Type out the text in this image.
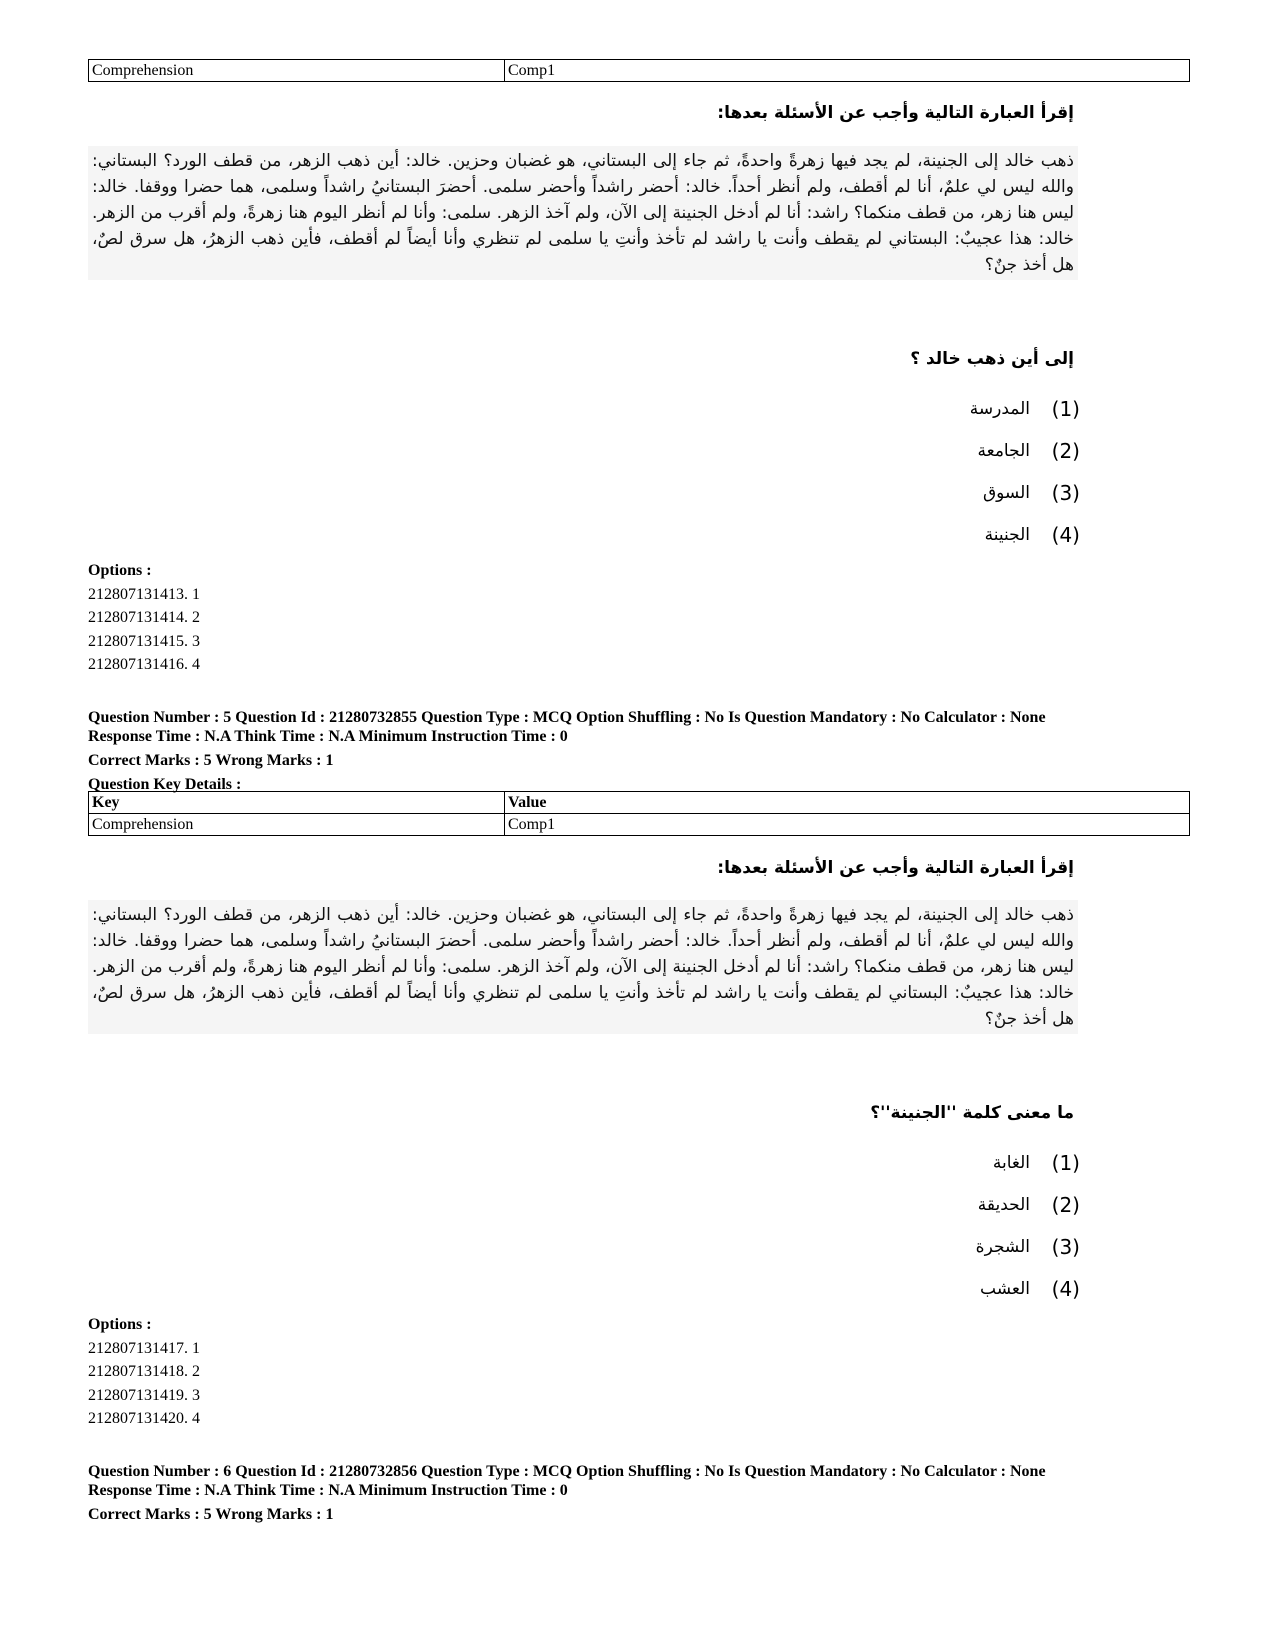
Comprehension	Comp1
إقرأ العبارة التالية وأجب عن الأسئلة بعدها:
ذهب خالد إلى الجنينة، لم يجد فيها زهرةً واحدةً، ثم جاء إلى البستاني، هو غضبان وحزين. خالد: أين ذهب الزهر، من قطف الورد؟ البستاني: والله ليس لي علمٌ، أنا لم أقطف، ولم أنظر أحداً. خالد: أحضر راشداً وأحضر سلمى. أحضرَ البستانيُ راشداً وسلمى، هما حضرا ووقفا. خالد: ليس هنا زهر، من قطف منكما؟ راشد: أنا لم أدخل الجنينة إلى الآن، ولم آخذ الزهر. سلمى: وأنا لم أنظر اليوم هنا زهرةً، ولم أقرب من الزهر. خالد: هذا عجيبٌ: البستاني لم يقطف وأنت يا راشد لم تأخذ وأنتِ يا سلمى لم تنظري وأنا أيضاً لم أقطف، فأين ذهب الزهرُ، هل سرق لصٌ، هل أخذ جنٌ؟
إلى أين ذهب خالد ؟
(1)
المدرسة
(2)
الجامعة
(3)
السوق
(4)
الجنينة
Options :
212807131413. 1
212807131414. 2
212807131415. 3
212807131416. 4
Question Number : 5 Question Id : 21280732855 Question Type : MCQ Option Shuffling : No Is Question Mandatory : No Calculator : None
Response Time : N.A Think Time : N.A Minimum Instruction Time : 0
Correct Marks : 5 Wrong Marks : 1
Question Key Details :
Key	Value
Comprehension	Comp1
إقرأ العبارة التالية وأجب عن الأسئلة بعدها:
ذهب خالد إلى الجنينة، لم يجد فيها زهرةً واحدةً، ثم جاء إلى البستاني، هو غضبان وحزين. خالد: أين ذهب الزهر، من قطف الورد؟ البستاني: والله ليس لي علمٌ، أنا لم أقطف، ولم أنظر أحداً. خالد: أحضر راشداً وأحضر سلمى. أحضرَ البستانيُ راشداً وسلمى، هما حضرا ووقفا. خالد: ليس هنا زهر، من قطف منكما؟ راشد: أنا لم أدخل الجنينة إلى الآن، ولم آخذ الزهر. سلمى: وأنا لم أنظر اليوم هنا زهرةً، ولم أقرب من الزهر. خالد: هذا عجيبٌ: البستاني لم يقطف وأنت يا راشد لم تأخذ وأنتِ يا سلمى لم تنظري وأنا أيضاً لم أقطف، فأين ذهب الزهرُ، هل سرق لصٌ، هل أخذ جنٌ؟
ما معنى كلمة ''الجنينة''؟
(1)
الغابة
(2)
الحديقة
(3)
الشجرة
(4)
العشب
Options :
212807131417. 1
212807131418. 2
212807131419. 3
212807131420. 4
Question Number : 6 Question Id : 21280732856 Question Type : MCQ Option Shuffling : No Is Question Mandatory : No Calculator : None
Response Time : N.A Think Time : N.A Minimum Instruction Time : 0
Correct Marks : 5 Wrong Marks : 1
